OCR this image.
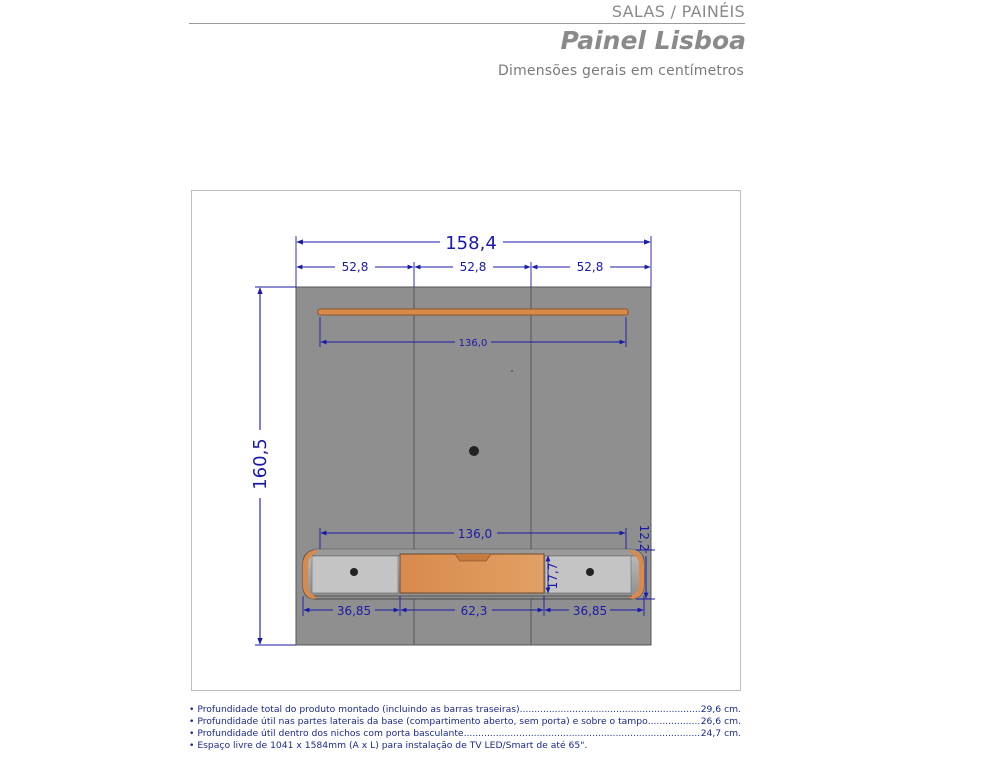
SALAS / PAINÉIS
Painel Lisboa
Dimensões gerais em centímetros
158,4
52,8	52,8	52,8
160,5
136,0
136,0	12,2
17,7
36,85	62,3	36,85
•
Profundidade total do produto montado (incluindo as barras traseiras) .....	29,6 cm.
•
Profundidade útil nas partes laterais da base (compartimento aberto, sem porta) e sobre o tampo .....	26,6 cm.
•
Profundidade útil dentro dos nichos com porta basculante .....	24,7 cm.
•
Espaço livre de 1041 x 1584mm (A x L) para instalação de TV LED/Smart de até 65".
